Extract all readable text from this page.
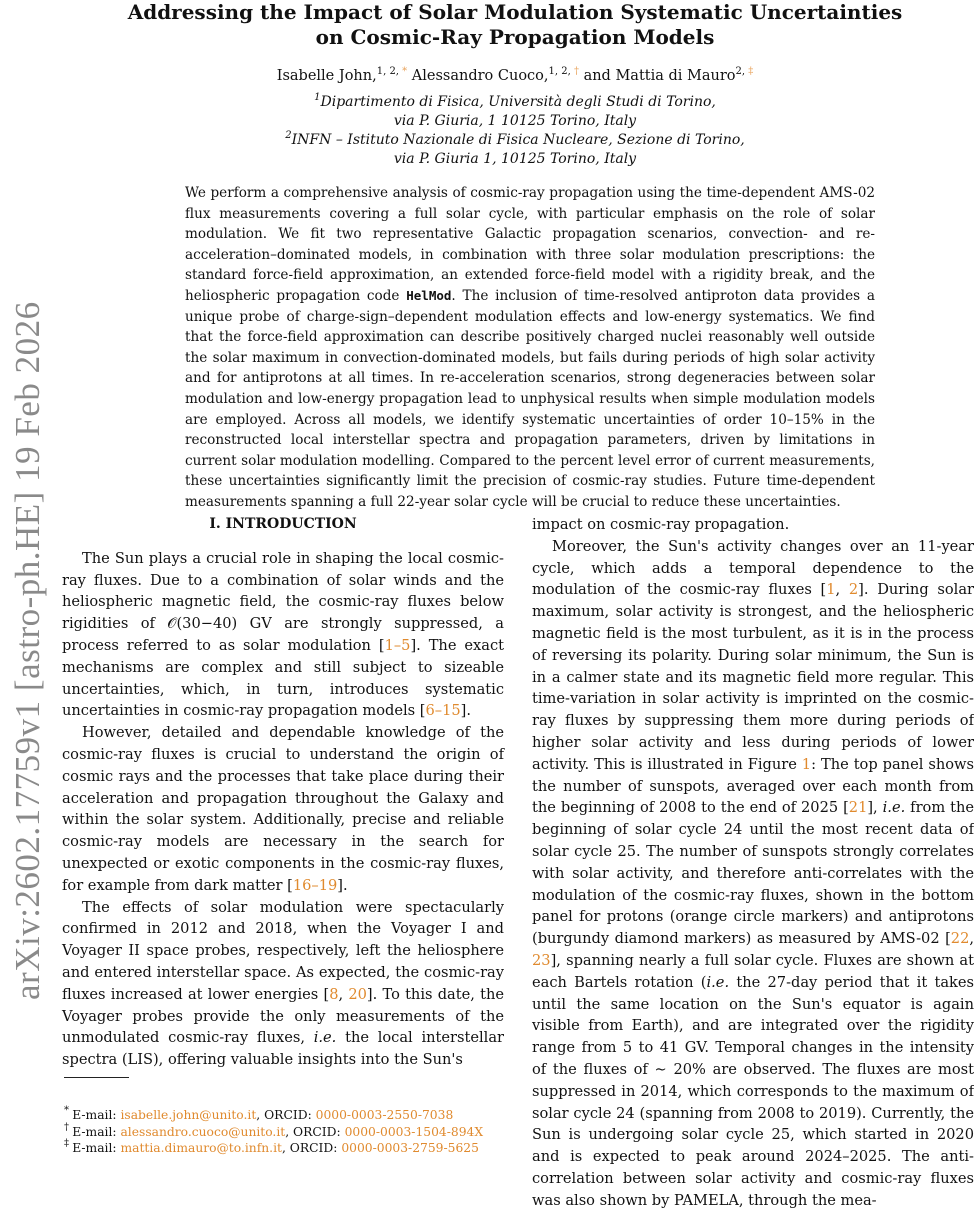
arXiv:2602.17759v1 [astro-ph.HE] 19 Feb 2026
Addressing the Impact of Solar Modulation Systematic Uncertainties
on Cosmic-Ray Propagation Models
Isabelle John,$^{1, 2, *}$ Alessandro Cuoco,$^{1, 2, \dagger}$ and Mattia di Mauro$^{2, \ddagger}$
$^1$Dipartimento di Fisica, Università degli Studi di Torino,
via P. Giuria, 1 10125 Torino, Italy
$^2$INFN – Istituto Nazionale di Fisica Nucleare, Sezione di Torino,
via P. Giuria 1, 10125 Torino, Italy

We perform a comprehensive analysis of cosmic-ray propagation using the time-dependent AMS-02 flux measurements covering a full solar cycle, with particular emphasis on the role of solar modulation. We fit two representative Galactic propagation scenarios, convection- and re-acceleration–dominated models, in combination with three solar modulation prescriptions: the standard force-field approximation, an extended force-field model with a rigidity break, and the heliospheric propagation code HelMod. The inclusion of time-resolved antiproton data provides a unique probe of charge-sign–dependent modulation effects and low-energy systematics. We find that the force-field approximation can describe positively charged nuclei reasonably well outside the solar maximum in convection-dominated models, but fails during periods of high solar activity and for antiprotons at all times. In re-acceleration scenarios, strong degeneracies between solar modulation and low-energy propagation lead to unphysical results when simple modulation models are employed. Across all models, we identify systematic uncertainties of order 10–15% in the reconstructed local interstellar spectra and propagation parameters, driven by limitations in current solar modulation modelling. Compared to the percent level error of current measurements, these uncertainties significantly limit the precision of cosmic-ray studies. Future time-dependent measurements spanning a full 22-year solar cycle will be crucial to reduce these uncertainties.

I. INTRODUCTION

The Sun plays a crucial role in shaping the local cosmic-ray fluxes. Due to a combination of solar winds and the heliospheric magnetic field, the cosmic-ray fluxes below rigidities of 𝒪(30−40) GV are strongly suppressed, a process referred to as solar modulation [1–5]. The exact mechanisms are complex and still subject to sizeable uncertainties, which, in turn, introduces systematic uncertainties in cosmic-ray propagation models [6–15].

However, detailed and dependable knowledge of the cosmic-ray fluxes is crucial to understand the origin of cosmic rays and the processes that take place during their acceleration and propagation throughout the Galaxy and within the solar system. Additionally, precise and reliable cosmic-ray models are necessary in the search for unexpected or exotic components in the cosmic-ray fluxes, for example from dark matter [16–19].

The effects of solar modulation were spectacularly confirmed in 2012 and 2018, when the Voyager I and Voyager II space probes, respectively, left the heliosphere and entered interstellar space. As expected, the cosmic-ray fluxes increased at lower energies [8, 20]. To this date, the Voyager probes provide the only measurements of the unmodulated cosmic-ray fluxes, i.e. the local interstellar spectra (LIS), offering valuable insights into the Sun's

impact on cosmic-ray propagation.

Moreover, the Sun's activity changes over an 11-year cycle, which adds a temporal dependence to the modulation of the cosmic-ray fluxes [1, 2]. During solar maximum, solar activity is strongest, and the heliospheric magnetic field is the most turbulent, as it is in the process of reversing its polarity. During solar minimum, the Sun is in a calmer state and its magnetic field more regular. This time-variation in solar activity is imprinted on the cosmic-ray fluxes by suppressing them more during periods of higher solar activity and less during periods of lower activity. This is illustrated in Figure 1: The top panel shows the number of sunspots, averaged over each month from the beginning of 2008 to the end of 2025 [21], i.e. from the beginning of solar cycle 24 until the most recent data of solar cycle 25. The number of sunspots strongly correlates with solar activity, and therefore anti-correlates with the modulation of the cosmic-ray fluxes, shown in the bottom panel for protons (orange circle markers) and antiprotons (burgundy diamond markers) as measured by AMS-02 [22, 23], spanning nearly a full solar cycle. Fluxes are shown at each Bartels rotation (i.e. the 27-day period that it takes until the same location on the Sun's equator is again visible from Earth), and are integrated over the rigidity range from 5 to 41 GV. Temporal changes in the intensity of the fluxes of ∼ 20% are observed. The fluxes are most suppressed in 2014, which corresponds to the maximum of solar cycle 24 (spanning from 2008 to 2019). Currently, the Sun is undergoing solar cycle 25, which started in 2020 and is expected to peak around 2024–2025. The anti-correlation between solar activity and cosmic-ray fluxes was also shown by PAMELA, through the mea-

* E-mail: isabelle.john@unito.it, ORCID: 0000-0003-2550-7038
† E-mail: alessandro.cuoco@unito.it, ORCID: 0000-0003-1504-894X
‡ E-mail: mattia.dimauro@to.infn.it, ORCID: 0000-0003-2759-5625
